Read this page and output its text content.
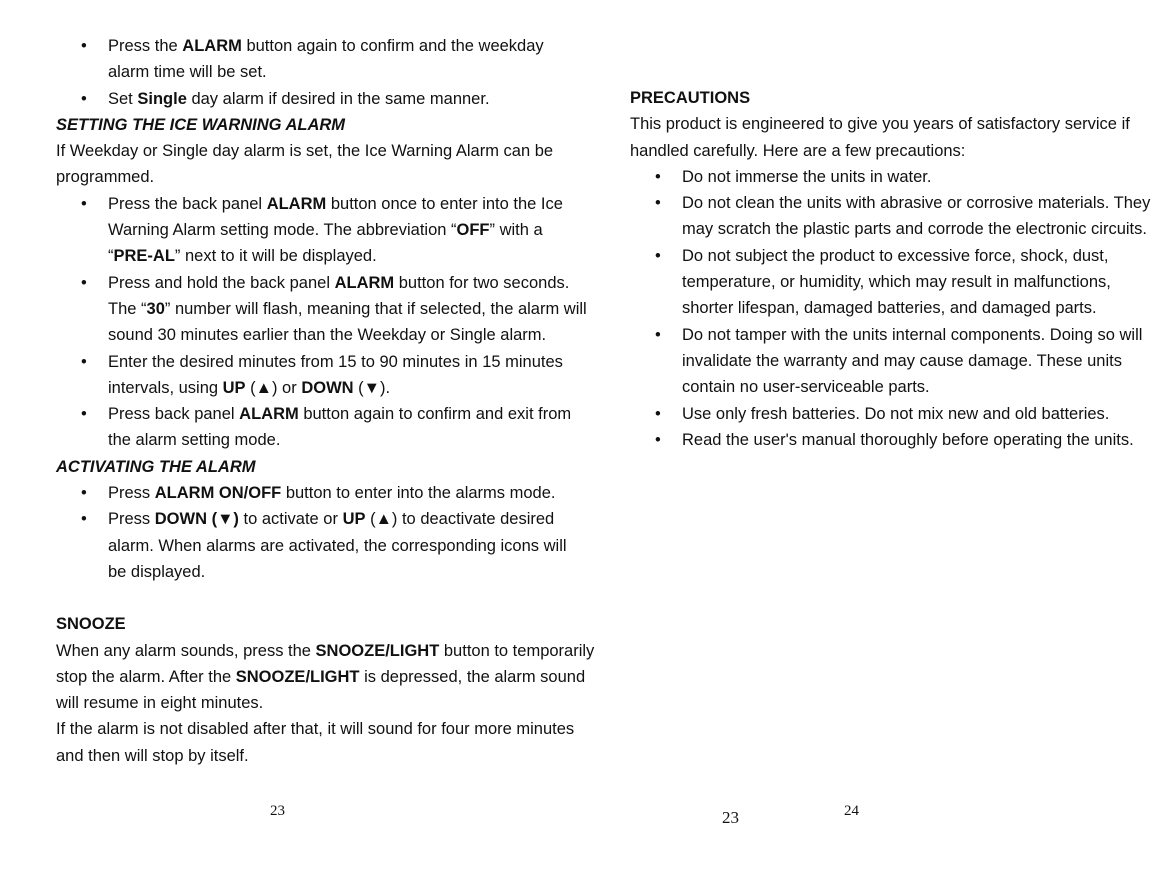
• Press the ALARM button again to confirm and the weekday
alarm time will be set.
• Set Single day alarm if desired in the same manner.
SETTING THE ICE WARNING ALARM
If Weekday or Single day alarm is set, the Ice Warning Alarm can be
programmed.
• Press the back panel ALARM button once to enter into the Ice
Warning Alarm setting mode. The abbreviation “OFF” with a
“PRE-AL” next to it will be displayed.
• Press and hold the back panel ALARM button for two seconds.
The “30” number will flash, meaning that if selected, the alarm will
sound 30 minutes earlier than the Weekday or Single alarm.
• Enter the desired minutes from 15 to 90 minutes in 15 minutes
intervals, using UP (▲) or DOWN (▼).
• Press back panel ALARM button again to confirm and exit from
the alarm setting mode.
ACTIVATING THE ALARM
• Press ALARM ON/OFF button to enter into the alarms mode.
• Press DOWN (▼) to activate or UP (▲) to deactivate desired
alarm. When alarms are activated, the corresponding icons will
be displayed.
SNOOZE
When any alarm sounds, press the SNOOZE/LIGHT button to temporarily
stop the alarm. After the SNOOZE/LIGHT is depressed, the alarm sound
will resume in eight minutes.
If the alarm is not disabled after that, it will sound for four more minutes
and then will stop by itself.
PRECAUTIONS
This product is engineered to give you years of satisfactory service if
handled carefully. Here are a few precautions:
• Do not immerse the units in water.
• Do not clean the units with abrasive or corrosive materials. They
may scratch the plastic parts and corrode the electronic circuits.
• Do not subject the product to excessive force, shock, dust,
temperature, or humidity, which may result in malfunctions,
shorter lifespan, damaged batteries, and damaged parts.
• Do not tamper with the units internal components. Doing so will
invalidate the warranty and may cause damage. These units
contain no user-serviceable parts.
• Use only fresh batteries. Do not mix new and old batteries.
• Read the user's manual thoroughly before operating the units.
23	23	24
